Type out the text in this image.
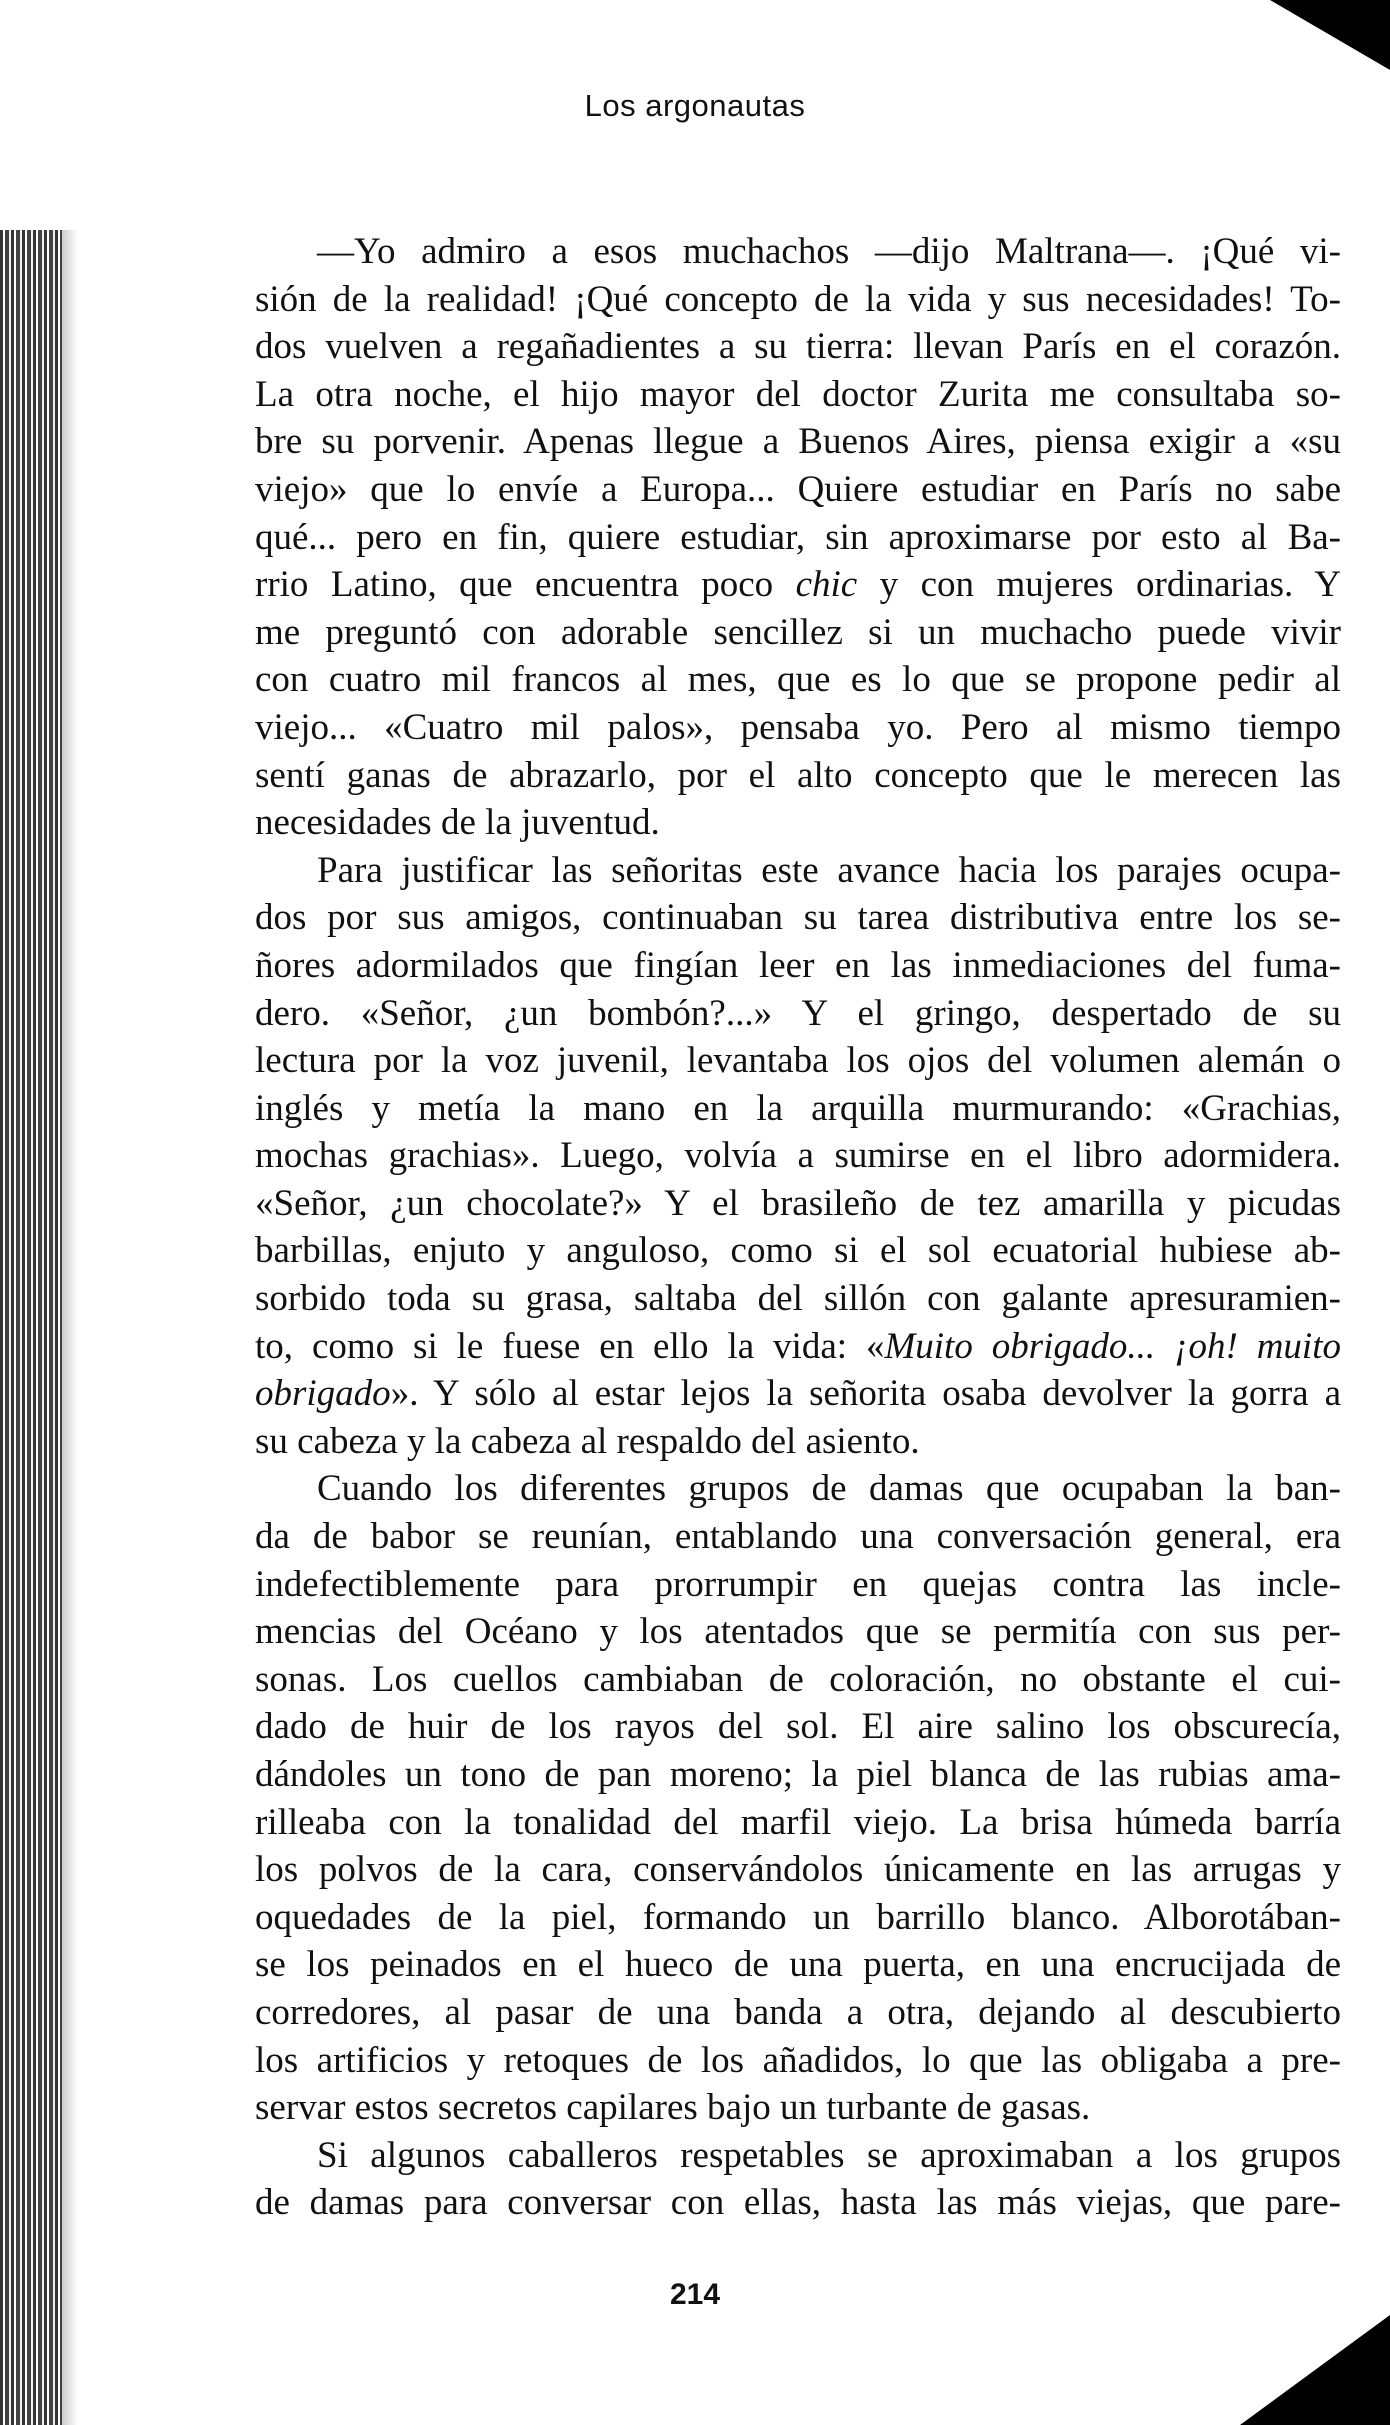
Los argonautas
—Yo admiro a esos muchachos —dijo Maltrana—. ¡Qué vi-
sión de la realidad! ¡Qué concepto de la vida y sus necesidades! To-
dos vuelven a regañadientes a su tierra: llevan París en el corazón.
La otra noche, el hijo mayor del doctor Zurita me consultaba so-
bre su porvenir. Apenas llegue a Buenos Aires, piensa exigir a «su
viejo» que lo envíe a Europa... Quiere estudiar en París no sabe
qué... pero en fin, quiere estudiar, sin aproximarse por esto al Ba-
rrio Latino, que encuentra poco chic y con mujeres ordinarias. Y
me preguntó con adorable sencillez si un muchacho puede vivir
con cuatro mil francos al mes, que es lo que se propone pedir al
viejo... «Cuatro mil palos», pensaba yo. Pero al mismo tiempo
sentí ganas de abrazarlo, por el alto concepto que le merecen las
necesidades de la juventud.
Para justificar las señoritas este avance hacia los parajes ocupa-
dos por sus amigos, continuaban su tarea distributiva entre los se-
ñores adormilados que fingían leer en las inmediaciones del fuma-
dero. «Señor, ¿un bombón?...» Y el gringo, despertado de su
lectura por la voz juvenil, levantaba los ojos del volumen alemán o
inglés y metía la mano en la arquilla murmurando: «Grachias,
mochas grachias». Luego, volvía a sumirse en el libro adormidera.
«Señor, ¿un chocolate?» Y el brasileño de tez amarilla y picudas
barbillas, enjuto y anguloso, como si el sol ecuatorial hubiese ab-
sorbido toda su grasa, saltaba del sillón con galante apresuramien-
to, como si le fuese en ello la vida: «Muito obrigado... ¡oh! muito
obrigado». Y sólo al estar lejos la señorita osaba devolver la gorra a
su cabeza y la cabeza al respaldo del asiento.
Cuando los diferentes grupos de damas que ocupaban la ban-
da de babor se reunían, entablando una conversación general, era
indefectiblemente para prorrumpir en quejas contra las incle-
mencias del Océano y los atentados que se permitía con sus per-
sonas. Los cuellos cambiaban de coloración, no obstante el cui-
dado de huir de los rayos del sol. El aire salino los obscurecía,
dándoles un tono de pan moreno; la piel blanca de las rubias ama-
rilleaba con la tonalidad del marfil viejo. La brisa húmeda barría
los polvos de la cara, conservándolos únicamente en las arrugas y
oquedades de la piel, formando un barrillo blanco. Alborotában-
se los peinados en el hueco de una puerta, en una encrucijada de
corredores, al pasar de una banda a otra, dejando al descubierto
los artificios y retoques de los añadidos, lo que las obligaba a pre-
servar estos secretos capilares bajo un turbante de gasas.
Si algunos caballeros respetables se aproximaban a los grupos
de damas para conversar con ellas, hasta las más viejas, que pare-
214
